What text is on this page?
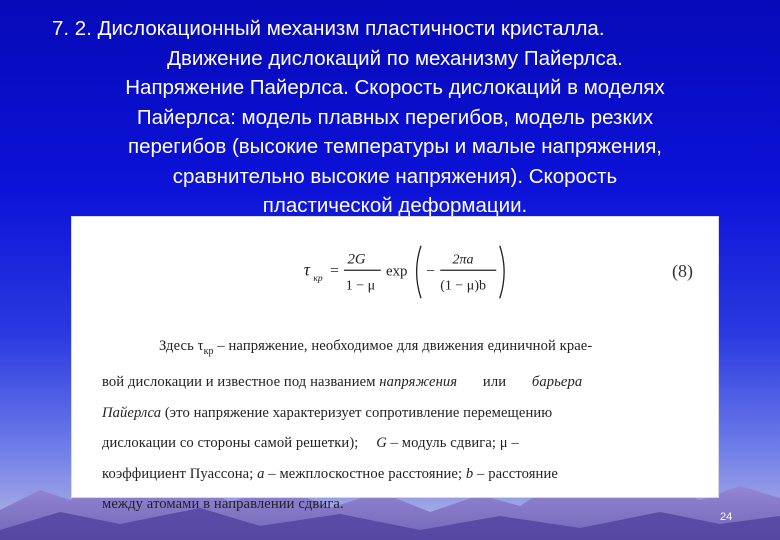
7. 2. Дислокационный механизм пластичности кристалла.
Движение дислокаций по механизму Пайерлса.
Напряжение Пайерлса. Скорость дислокаций в моделях
Пайерлса: модель плавных перегибов, модель резких
перегибов (высокие температуры и малые напряжения,
сравнительно высокие напряжения). Скорость
пластической деформации.
τ кр =
2G
1 − μ
exp −
2πa
(1 − μ)b
(8)
Здесь $\tau_{кр}$ – напряжение, необходимое для движения единичной крае-
вой дислокации и известное под названием напряжения или барьера
Пайерлса (это напряжение характеризует сопротивление перемещению
дислокации со стороны самой решетки); G – модуль сдвига; μ –
коэффициент Пуассона; a – межплоскостное расстояние; b – расстояние
между атомами в направлении сдвига.
24
